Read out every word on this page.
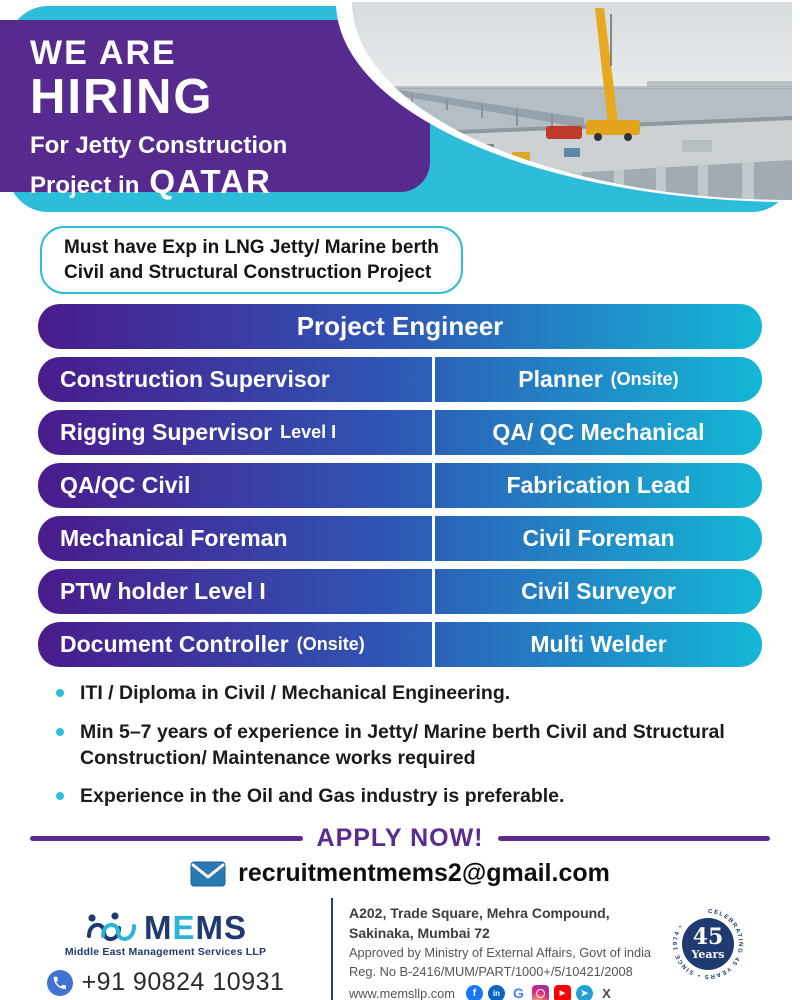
WE ARE
HIRING
For Jetty Construction
Project in QATAR
Must have Exp in LNG Jetty/ Marine berth
Civil and Structural Construction Project
Project Engineer
Construction Supervisor	Planner (Onsite)
Rigging Supervisor Level I	QA/ QC Mechanical
QA/QC Civil	Fabrication Lead
Mechanical Foreman	Civil Foreman
PTW holder Level I	Civil Surveyor
Document Controller (Onsite)	Multi Welder
ITI / Diploma in Civil / Mechanical Engineering.
Min 5–7 years of experience in Jetty/ Marine berth Civil and Structural Construction/ Maintenance works required
Experience in the Oil and Gas industry is preferable.
APPLY NOW!
recruitmentmems2@gmail.com
MEMS
Middle East Management Services LLP
+91 90824 10931
A202, Trade Square, Mehra Compound,
Sakinaka, Mumbai 72
Approved by Ministry of External Affairs, Govt of india
Reg. No B-2416/MUM/PART/1000+/5/10421/2008
www.memsllp.com	f	in G	▶	➤	X
CELEBRATING 45 YEARS • SINCE 1974 • 45
Years
